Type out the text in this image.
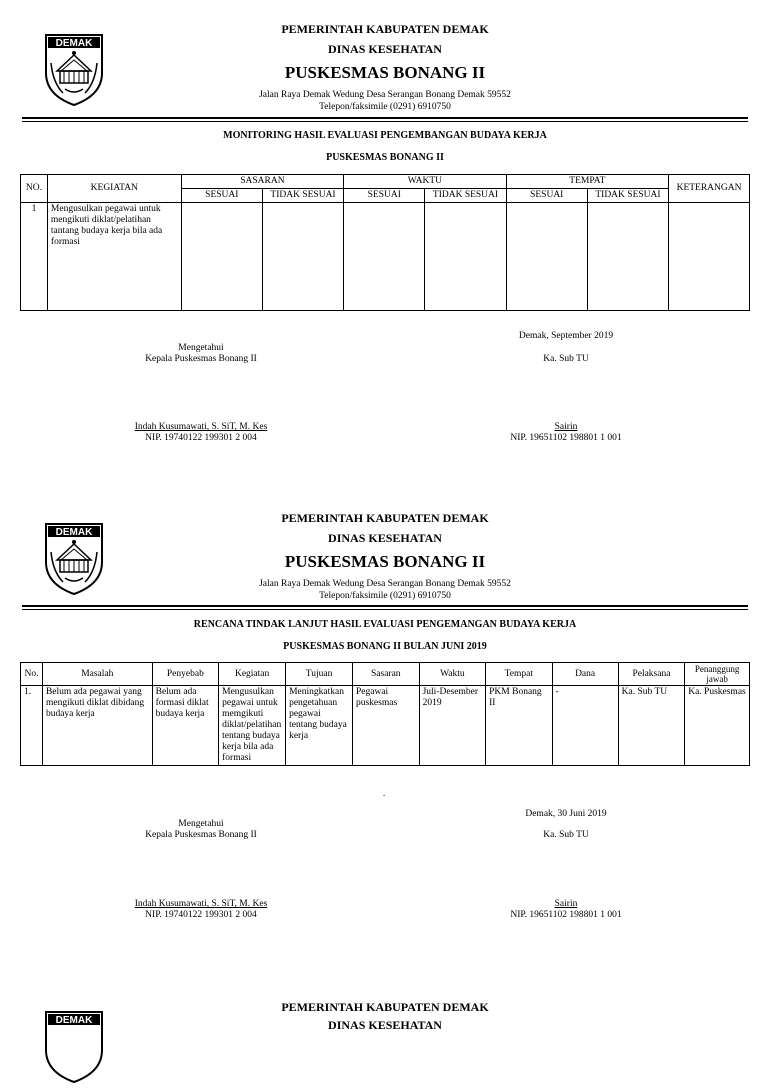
DEMAK
PEMERINTAH KABUPATEN DEMAK
DINAS KESEHATAN
PUSKESMAS BONANG II
Jalan Raya Demak Wedung Desa Serangan Bonang Demak 59552
Telepon/faksimile (0291) 6910750
MONITORING HASIL EVALUASI PENGEMBANGAN BUDAYA KERJA
PUSKESMAS BONANG II
NO.	KEGIATAN	SASARAN		WAKTU		TEMPAT		KETERANGAN
		SESUAI	TIDAK SESUAI	SESUAI	TIDAK SESUAI	SESUAI	TIDAK SESUAI	
1	Mengusulkan pegawai untuk mengikuti diklat/pelatihan tantang budaya kerja bila ada formasi							
Demak, September 2019
Mengetahui
Kepala Puskesmas Bonang II	Ka. Sub TU
Indah Kusumawati, S. SiT, M. Kes
NIP. 19740122 199301 2 004
Sairin
NIP. 19651102 198801 1 001
DEMAK
PEMERINTAH KABUPATEN DEMAK
DINAS KESEHATAN
PUSKESMAS BONANG II
Jalan Raya Demak Wedung Desa Serangan Bonang Demak 59552
Telepon/faksimile (0291) 6910750
RENCANA TINDAK LANJUT HASIL EVALUASI PENGEMANGAN BUDAYA KERJA
PUSKESMAS BONANG II BULAN JUNI 2019
No.	Masalah	Penyebab	Kegiatan	Tujuan	Sasaran	Waktu	Tempat	Dana	Pelaksana	Penanggung jawab
1.	Belum ada pegawai yang mengikuti diklat dibidang budaya kerja	Belum ada formasi diklat budaya kerja	Mengusulkan pegawai untuk memgikuti diklat/pelatihan tentang budaya kerja bila ada formasi	Meningkatkan pengetahuan pegawai tentang budaya kerja	Pegawai puskesmas	Juli-Desember 2019	PKM Bonang II	-	Ka. Sub TU	Ka. Puskesmas
.
Demak, 30 Juni 2019
Mengetahui
Kepala Puskesmas Bonang II	Ka. Sub TU
Indah Kusumawati, S. SiT, M. Kes
NIP. 19740122 199301 2 004
Sairin
NIP. 19651102 198801 1 001
DEMAK
PEMERINTAH KABUPATEN DEMAK
DINAS KESEHATAN
